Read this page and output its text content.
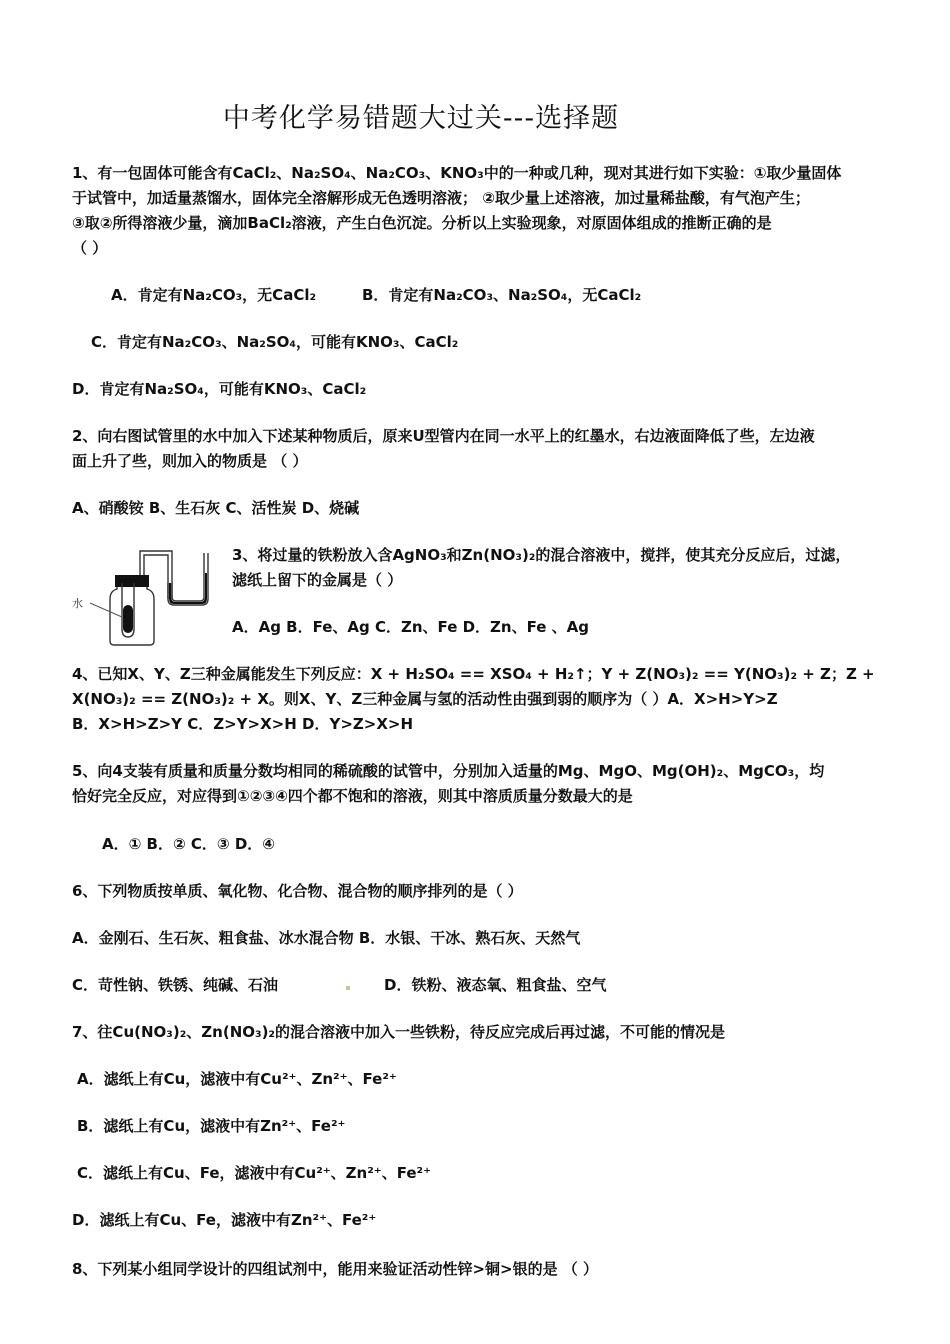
中考化学易错题大过关---选择题
1、有一包固体可能含有CaCl₂、Na₂SO₄、Na₂CO₃、KNO₃中的一种或几种，现对其进行如下实验：①取少量固体
于试管中，加适量蒸馏水，固体完全溶解形成无色透明溶液； ②取少量上述溶液，加过量稀盐酸，有气泡产生；
③取②所得溶液少量，滴加BaCl₂溶液，产生白色沉淀。分析以上实验现象，对原固体组成的推断正确的是
（ ）
A．肯定有Na₂CO₃，无CaCl₂	B．肯定有Na₂CO₃、Na₂SO₄，无CaCl₂
C．肯定有Na₂CO₃、Na₂SO₄，可能有KNO₃、CaCl₂
D．肯定有Na₂SO₄，可能有KNO₃、CaCl₂
2、向右图试管里的水中加入下述某种物质后，原来U型管内在同一水平上的红墨水，右边液面降低了些，左边液
面上升了些，则加入的物质是 （ ）
A、硝酸铵 B、生石灰 C、活性炭 D、烧碱
水
3、将过量的铁粉放入含AgNO₃和Zn(NO₃)₂的混合溶液中，搅拌，使其充分反应后，过滤，
滤纸上留下的金属是（ ）
A．Ag B．Fe、Ag C．Zn、Fe D．Zn、Fe 、Ag
4、已知X、Y、Z三种金属能发生下列反应：X + H₂SO₄ == XSO₄ + H₂↑；Y + Z(NO₃)₂ == Y(NO₃)₂ + Z；Z +
X(NO₃)₂ == Z(NO₃)₂ + X。则X、Y、Z三种金属与氢的活动性由强到弱的顺序为（ ）A．X>H>Y>Z
B．X>H>Z>Y C．Z>Y>X>H D．Y>Z>X>H
5、向4支装有质量和质量分数均相同的稀硫酸的试管中，分别加入适量的Mg、MgO、Mg(OH)₂、MgCO₃，均
恰好完全反应，对应得到①②③④四个都不饱和的溶液，则其中溶质质量分数最大的是
A．① B．② C．③ D．④
6、下列物质按单质、氧化物、化合物、混合物的顺序排列的是（ ）
A．金刚石、生石灰、粗食盐、冰水混合物 B．水银、干冰、熟石灰、天然气
C．苛性钠、铁锈、纯碱、石油	D．铁粉、液态氧、粗食盐、空气
7、往Cu(NO₃)₂、Zn(NO₃)₂的混合溶液中加入一些铁粉，待反应完成后再过滤，不可能的情况是
A．滤纸上有Cu，滤液中有Cu²⁺、Zn²⁺、Fe²⁺
B．滤纸上有Cu，滤液中有Zn²⁺、Fe²⁺
C．滤纸上有Cu、Fe，滤液中有Cu²⁺、Zn²⁺、Fe²⁺
D．滤纸上有Cu、Fe，滤液中有Zn²⁺、Fe²⁺
8、下列某小组同学设计的四组试剂中，能用来验证活动性锌>铜>银的是 （ ）
